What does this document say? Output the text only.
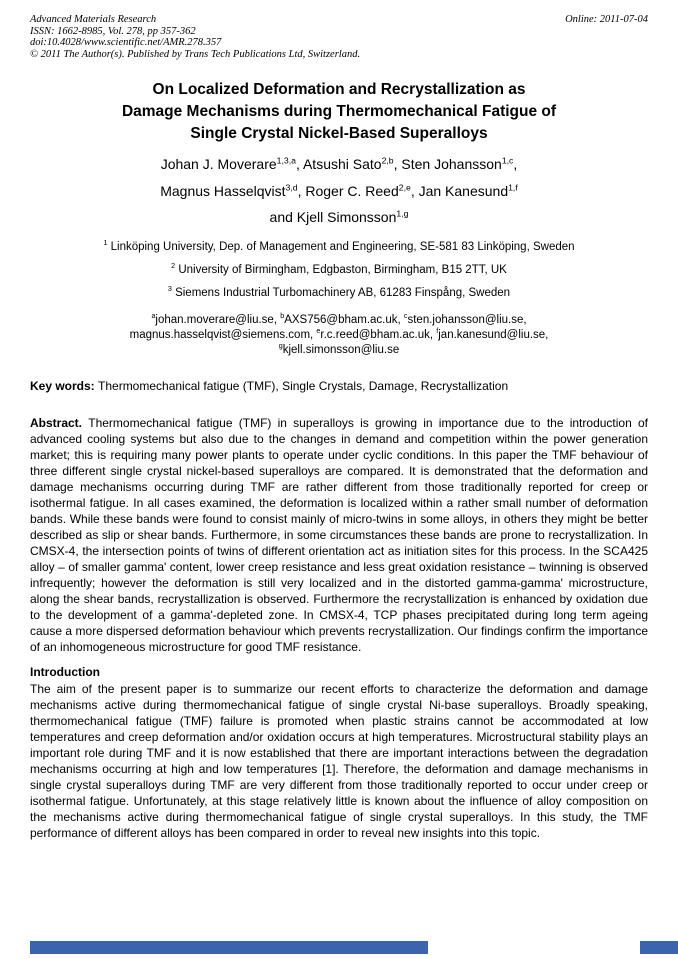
Advanced Materials Research
ISSN: 1662-8985, Vol. 278, pp 357-362
doi:10.4028/www.scientific.net/AMR.278.357
© 2011 The Author(s). Published by Trans Tech Publications Ltd, Switzerland.
Online: 2011-07-04
On Localized Deformation and Recrystallization as
Damage Mechanisms during Thermomechanical Fatigue of
Single Crystal Nickel-Based Superalloys
Johan J. Moverare$^{1,3,a}$, Atsushi Sato$^{2,b}$, Sten Johansson$^{1,c}$,
Magnus Hasselqvist$^{3,d}$, Roger C. Reed$^{2,e}$, Jan Kanesund$^{1,f}$
and Kjell Simonsson$^{1,g}$
$^1$ Linköping University, Dep. of Management and Engineering, SE-581 83 Linköping, Sweden
$^2$ University of Birmingham, Edgbaston, Birmingham, B15 2TT, UK
$^3$ Siemens Industrial Turbomachinery AB, 61283 Finspång, Sweden
$^a$johan.moverare@liu.se, $^b$AXS756@bham.ac.uk, $^c$sten.johansson@liu.se,
magnus.hasselqvist@siemens.com, $^e$r.c.reed@bham.ac.uk, $^f$jan.kanesund@liu.se,
$^g$kjell.simonsson@liu.se
Key words: Thermomechanical fatigue (TMF), Single Crystals, Damage, Recrystallization
Abstract. Thermomechanical fatigue (TMF) in superalloys is growing in importance due to the introduction of advanced cooling systems but also due to the changes in demand and competition within the power generation market; this is requiring many power plants to operate under cyclic conditions. In this paper the TMF behaviour of three different single crystal nickel-based superalloys are compared. It is demonstrated that the deformation and damage mechanisms occurring during TMF are rather different from those traditionally reported for creep or isothermal fatigue. In all cases examined, the deformation is localized within a rather small number of deformation bands. While these bands were found to consist mainly of micro-twins in some alloys, in others they might be better described as slip or shear bands. Furthermore, in some circumstances these bands are prone to recrystallization. In CMSX-4, the intersection points of twins of different orientation act as initiation sites for this process. In the SCA425 alloy – of smaller gamma' content, lower creep resistance and less great oxidation resistance – twinning is observed infrequently; however the deformation is still very localized and in the distorted gamma-gamma' microstructure, along the shear bands, recrystallization is observed. Furthermore the recrystallization is enhanced by oxidation due to the development of a gamma'-depleted zone. In CMSX-4, TCP phases precipitated during long term ageing cause a more dispersed deformation behaviour which prevents recrystallization. Our findings confirm the importance of an inhomogeneous microstructure for good TMF resistance.
Introduction
The aim of the present paper is to summarize our recent efforts to characterize the deformation and damage mechanisms active during thermomechanical fatigue of single crystal Ni-base superalloys. Broadly speaking, thermomechanical fatigue (TMF) failure is promoted when plastic strains cannot be accommodated at low temperatures and creep deformation and/or oxidation occurs at high temperatures. Microstructural stability plays an important role during TMF and it is now established that there are important interactions between the degradation mechanisms occurring at high and low temperatures [1]. Therefore, the deformation and damage mechanisms in single crystal superalloys during TMF are very different from those traditionally reported to occur under creep or isothermal fatigue. Unfortunately, at this stage relatively little is known about the influence of alloy composition on the mechanisms active during thermomechanical fatigue of single crystal superalloys. In this study, the TMF performance of different alloys has been compared in order to reveal new insights into this topic.
